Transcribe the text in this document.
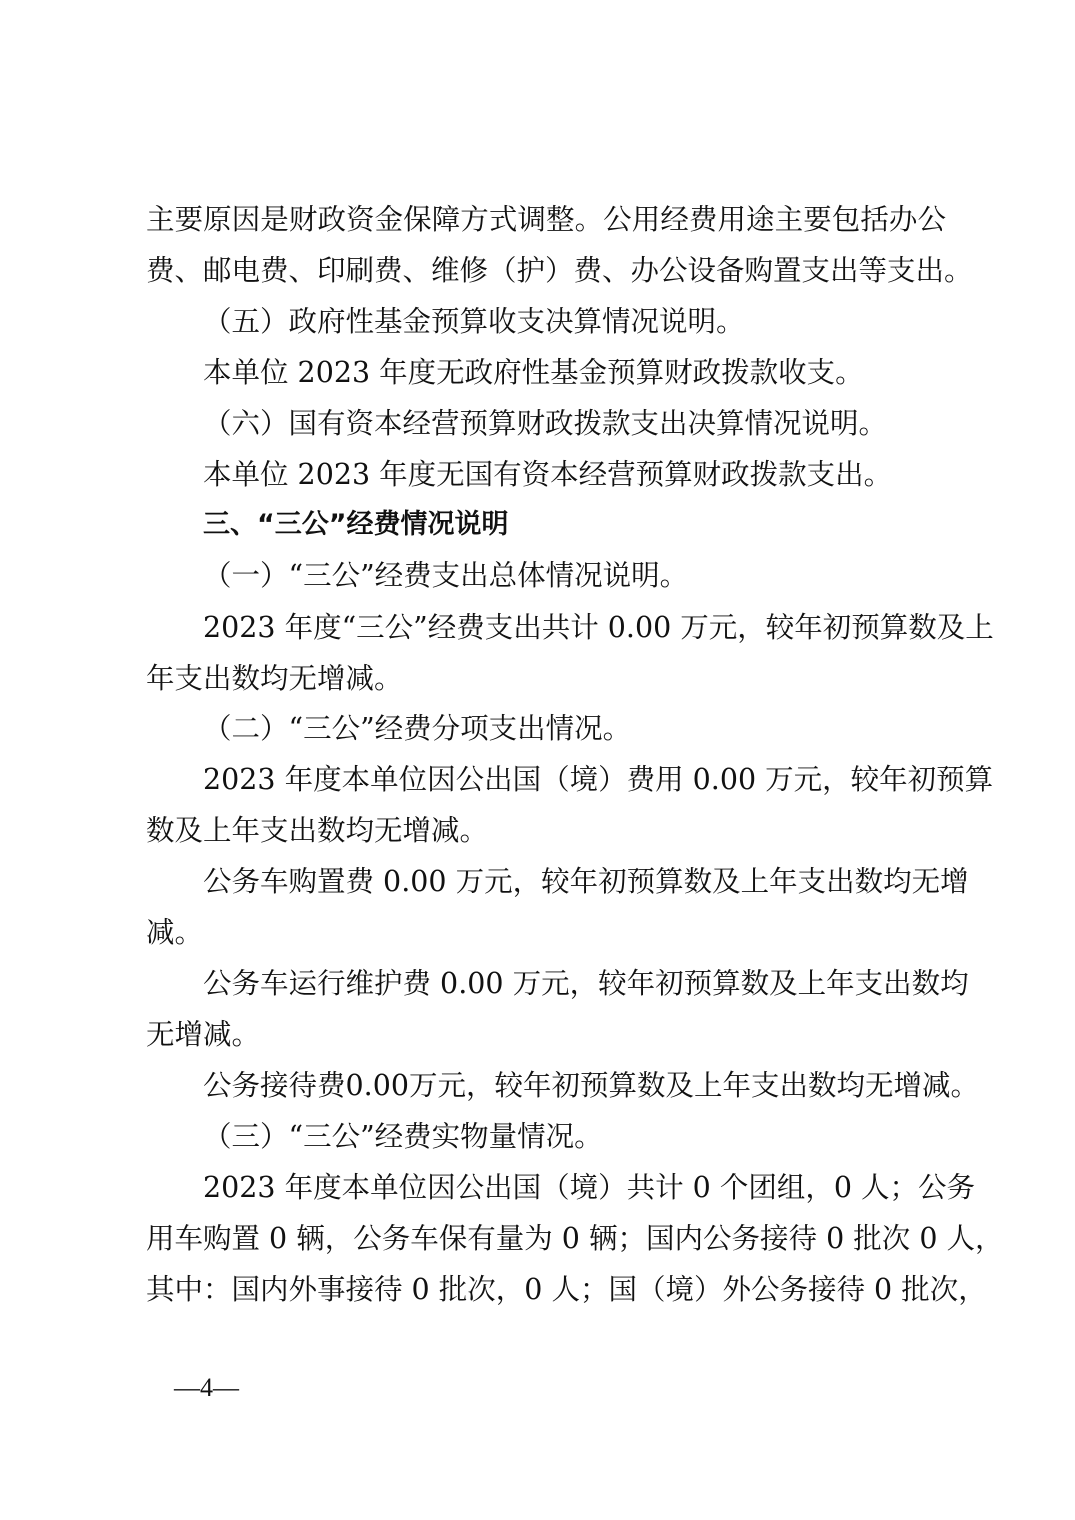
主要原因是财政资金保障方式调整。公用经费用途主要包括办公
费、邮电费、印刷费、维修（护）费、办公设备购置支出等支出。
（五）政府性基金预算收支决算情况说明。
本单位 2023 年度无政府性基金预算财政拨款收支。
（六）国有资本经营预算财政拨款支出决算情况说明。
本单位 2023 年度无国有资本经营预算财政拨款支出。
三、“三公”经费情况说明
（一）“三公”经费支出总体情况说明。
2023 年度“三公”经费支出共计 0.00 万元，较年初预算数及上
年支出数均无增减。
（二）“三公”经费分项支出情况。
2023 年度本单位因公出国（境）费用 0.00 万元，较年初预算
数及上年支出数均无增减。
公务车购置费 0.00 万元，较年初预算数及上年支出数均无增
减。
公务车运行维护费 0.00 万元，较年初预算数及上年支出数均
无增减。
公务接待费0.00万元，较年初预算数及上年支出数均无增减。
（三）“三公”经费实物量情况。
2023 年度本单位因公出国（境）共计 0 个团组，0 人；公务
用车购置 0 辆，公务车保有量为 0 辆；国内公务接待 0 批次 0 人，
其中：国内外事接待 0 批次，0 人；国（境）外公务接待 0 批次，
—4—
